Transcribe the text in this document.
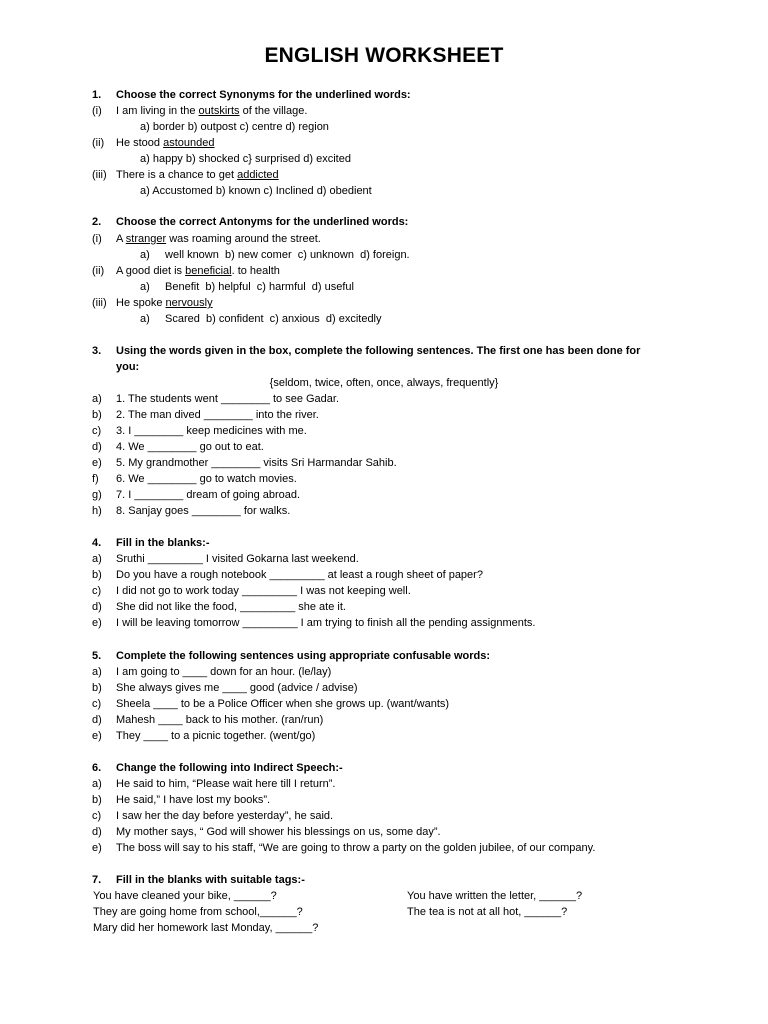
ENGLISH WORKSHEET
1. Choose the correct Synonyms for the underlined words:
(i) I am living in the outskirts of the village.
a) border b) outpost c) centre d) region
(ii) He stood astounded
a) happy b) shocked c} surprised d) excited
(iii) There is a chance to get addicted
a) Accustomed b) known c) Inclined d) obedient
2. Choose the correct Antonyms for the underlined words:
(i) A stranger was roaming around the street.
a)     well known  b) new comer  c) unknown  d) foreign.
(ii) A good diet is beneficial. to health
a)     Benefit  b) helpful  c) harmful  d) useful
(iii) He spoke nervously
a)     Scared  b) confident  c) anxious  d) excitedly
3. Using the words given in the box, complete the following sentences. The first one has been done for
you:
{seldom, twice, often, once, always, frequently}
a) 1. The students went ________ to see Gadar.
b) 2. The man dived ________ into the river.
c) 3. I ________ keep medicines with me.
d) 4. We ________ go out to eat.
e) 5. My grandmother ________ visits Sri Harmandar Sahib.
f) 6. We ________ go to watch movies.
g) 7. I ________ dream of going abroad.
h) 8. Sanjay goes ________ for walks.
4. Fill in the blanks:-
a) Sruthi _________ I visited Gokarna last weekend.
b) Do you have a rough notebook _________ at least a rough sheet of paper?
c) I did not go to work today _________ I was not keeping well.
d) She did not like the food, _________ she ate it.
e) I will be leaving tomorrow _________ I am trying to finish all the pending assignments.
5. Complete the following sentences using appropriate confusable words:
a) I am going to ____ down for an hour. (le/lay)
b) She always gives me ____ good (advice / advise)
c) Sheela ____ to be a Police Officer when she grows up. (want/wants)
d) Mahesh ____ back to his mother. (ran/run)
e) They ____ to a picnic together. (went/go)
6. Change the following into Indirect Speech:-
a) He said to him, “Please wait here till I return”.
b) He said,” I have lost my books”.
c) I saw her the day before yesterday”, he said.
d) My mother says, “ God will shower his blessings on us, some day”.
e) The boss will say to his staff, “We are going to throw a party on the golden jubilee, of our company.
7. Fill in the blanks with suitable tags:-
You have cleaned your bike, ______?	You have written the letter, ______?
They are going home from school,______?	The tea is not at all hot, ______?
Mary did her homework last Monday, ______?
